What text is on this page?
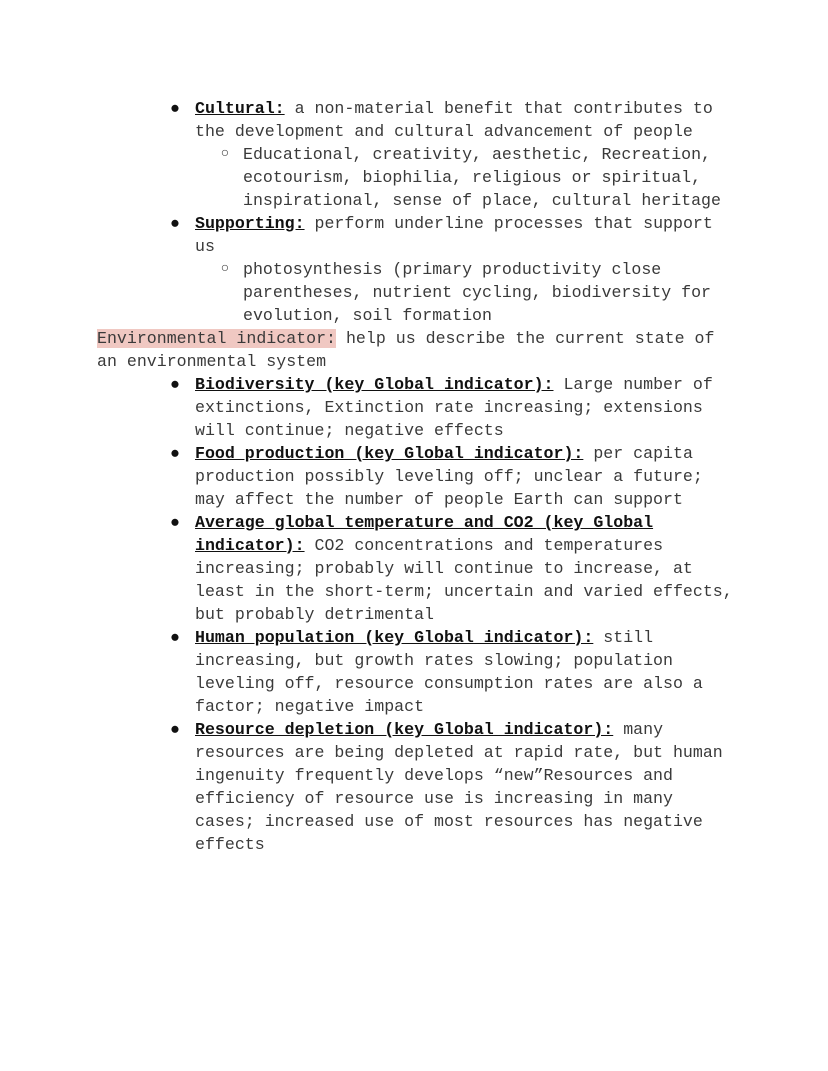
● Cultural: a non-material benefit that contributes to the development and cultural advancement of people
○ Educational, creativity, aesthetic, Recreation, ecotourism, biophilia, religious or spiritual, inspirational, sense of place, cultural heritage
● Supporting: perform underline processes that support us
○ photosynthesis (primary productivity close parentheses, nutrient cycling, biodiversity for evolution, soil formation
Environmental indicator: help us describe the current state of an environmental system
● Biodiversity (key Global indicator): Large number of extinctions, Extinction rate increasing; extensions will continue; negative effects
● Food production (key Global indicator): per capita production possibly leveling off; unclear a future; may affect the number of people Earth can support
● Average global temperature and CO2 (key Global indicator): CO2 concentrations and temperatures increasing; probably will continue to increase, at least in the short-term; uncertain and varied effects, but probably detrimental
● Human population (key Global indicator): still increasing, but growth rates slowing; population leveling off, resource consumption rates are also a factor; negative impact
● Resource depletion (key Global indicator): many resources are being depleted at rapid rate, but human ingenuity frequently develops “new”Resources and efficiency of resource use is increasing in many cases; increased use of most resources has negative effects
